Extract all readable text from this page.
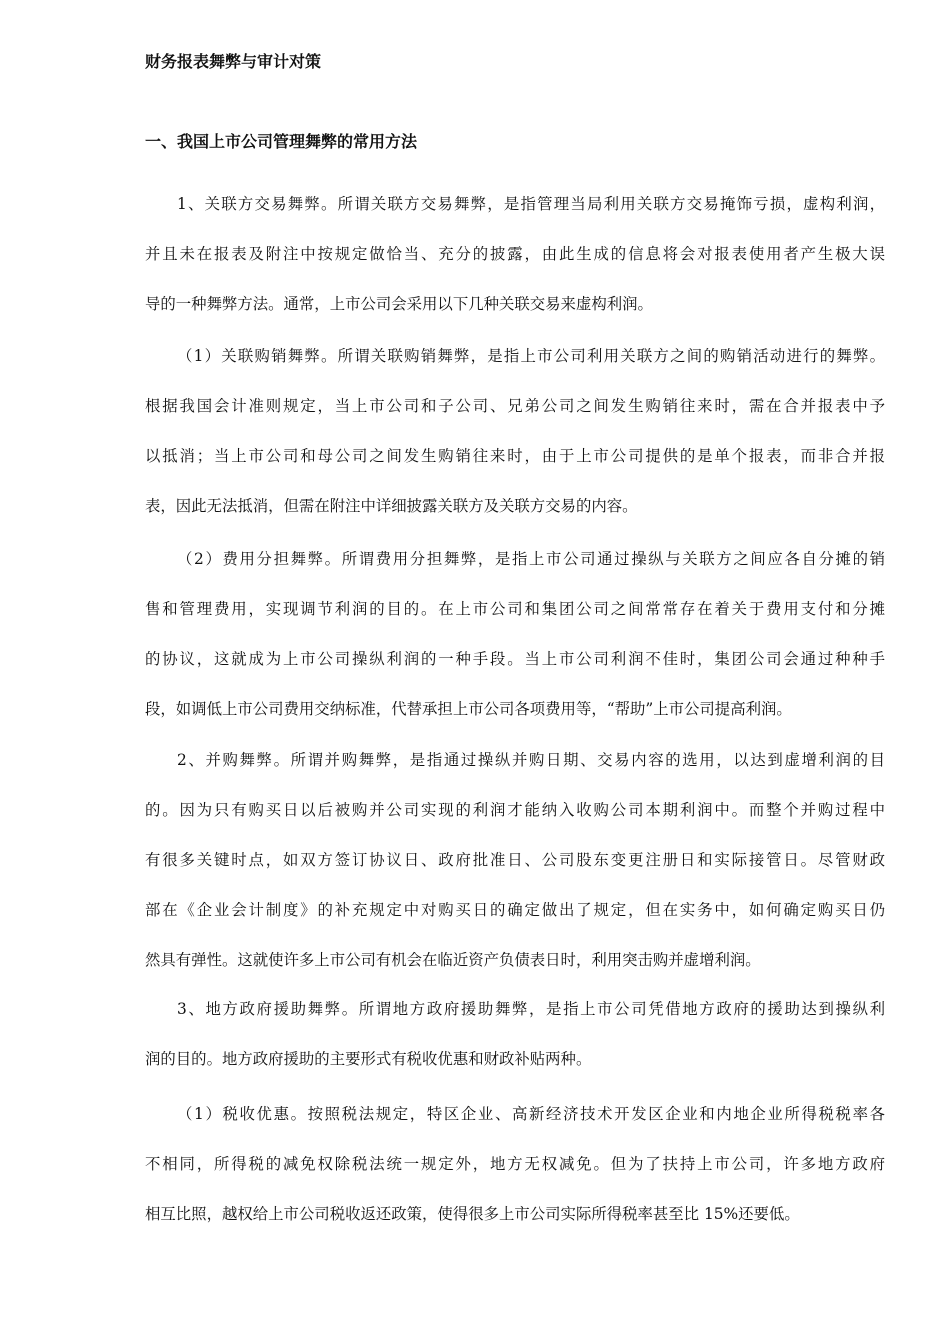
财务报表舞弊与审计对策
一、我国上市公司管理舞弊的常用方法
1、关联方交易舞弊。所谓关联方交易舞弊，是指管理当局利用关联方交易掩饰亏损，虚构利润，
并且未在报表及附注中按规定做恰当、充分的披露，由此生成的信息将会对报表使用者产生极大误
导的一种舞弊方法。通常，上市公司会采用以下几种关联交易来虚构利润。
（1）关联购销舞弊。所谓关联购销舞弊，是指上市公司利用关联方之间的购销活动进行的舞弊。
根据我国会计准则规定，当上市公司和子公司、兄弟公司之间发生购销往来时，需在合并报表中予
以抵消；当上市公司和母公司之间发生购销往来时，由于上市公司提供的是单个报表，而非合并报
表，因此无法抵消，但需在附注中详细披露关联方及关联方交易的内容。
（2）费用分担舞弊。所谓费用分担舞弊，是指上市公司通过操纵与关联方之间应各自分摊的销
售和管理费用，实现调节利润的目的。在上市公司和集团公司之间常常存在着关于费用支付和分摊
的协议，这就成为上市公司操纵利润的一种手段。当上市公司利润不佳时，集团公司会通过种种手
段，如调低上市公司费用交纳标准，代替承担上市公司各项费用等，“帮助”上市公司提高利润。
2、并购舞弊。所谓并购舞弊，是指通过操纵并购日期、交易内容的选用，以达到虚增利润的目
的。因为只有购买日以后被购并公司实现的利润才能纳入收购公司本期利润中。而整个并购过程中
有很多关键时点，如双方签订协议日、政府批准日、公司股东变更注册日和实际接管日。尽管财政
部在《企业会计制度》的补充规定中对购买日的确定做出了规定，但在实务中，如何确定购买日仍
然具有弹性。这就使许多上市公司有机会在临近资产负债表日时，利用突击购并虚增利润。
3、地方政府援助舞弊。所谓地方政府援助舞弊，是指上市公司凭借地方政府的援助达到操纵利
润的目的。地方政府援助的主要形式有税收优惠和财政补贴两种。
（1）税收优惠。按照税法规定，特区企业、高新经济技术开发区企业和内地企业所得税税率各
不相同，所得税的减免权除税法统一规定外，地方无权减免。但为了扶持上市公司，许多地方政府
相互比照，越权给上市公司税收返还政策，使得很多上市公司实际所得税率甚至比 15%还要低。
